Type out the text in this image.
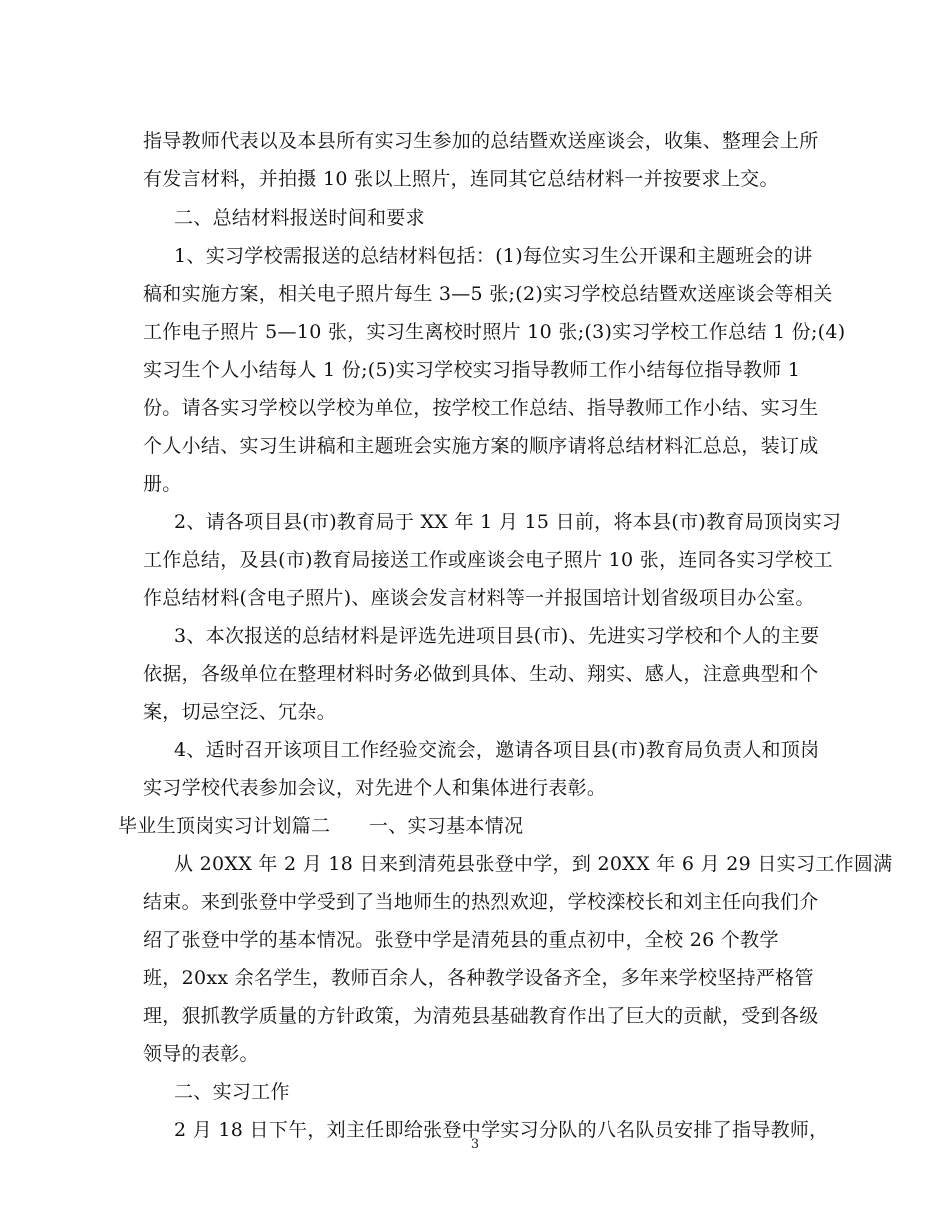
指导教师代表以及本县所有实习生参加的总结暨欢送座谈会，收集、整理会上所
有发言材料，并拍摄 10 张以上照片，连同其它总结材料一并按要求上交。
二、总结材料报送时间和要求
1、实习学校需报送的总结材料包括：(1)每位实习生公开课和主题班会的讲
稿和实施方案，相关电子照片每生 3—5 张;(2)实习学校总结暨欢送座谈会等相关
工作电子照片 5—10 张，实习生离校时照片 10 张;(3)实习学校工作总结 1 份;(4)
实习生个人小结每人 1 份;(5)实习学校实习指导教师工作小结每位指导教师 1
份。请各实习学校以学校为单位，按学校工作总结、指导教师工作小结、实习生
个人小结、实习生讲稿和主题班会实施方案的顺序请将总结材料汇总总，装订成
册。
2、请各项目县(市)教育局于 XX 年 1 月 15 日前，将本县(市)教育局顶岗实习
工作总结，及县(市)教育局接送工作或座谈会电子照片 10 张，连同各实习学校工
作总结材料(含电子照片)、座谈会发言材料等一并报国培计划省级项目办公室。
3、本次报送的总结材料是评选先进项目县(市)、先进实习学校和个人的主要
依据，各级单位在整理材料时务必做到具体、生动、翔实、感人，注意典型和个
案，切忌空泛、冗杂。
4、适时召开该项目工作经验交流会，邀请各项目县(市)教育局负责人和顶岗
实习学校代表参加会议，对先进个人和集体进行表彰。
毕业生顶岗实习计划篇二　　一、实习基本情况
从 20XX 年 2 月 18 日来到清苑县张登中学，到 20XX 年 6 月 29 日实习工作圆满
结束。来到张登中学受到了当地师生的热烈欢迎，学校滦校长和刘主任向我们介
绍了张登中学的基本情况。张登中学是清苑县的重点初中，全校 26 个教学
班，20xx 余名学生，教师百余人，各种教学设备齐全，多年来学校坚持严格管
理，狠抓教学质量的方针政策，为清苑县基础教育作出了巨大的贡献，受到各级
领导的表彰。
二、实习工作
2 月 18 日下午，刘主任即给张登中学实习分队的八名队员安排了指导教师，
3
